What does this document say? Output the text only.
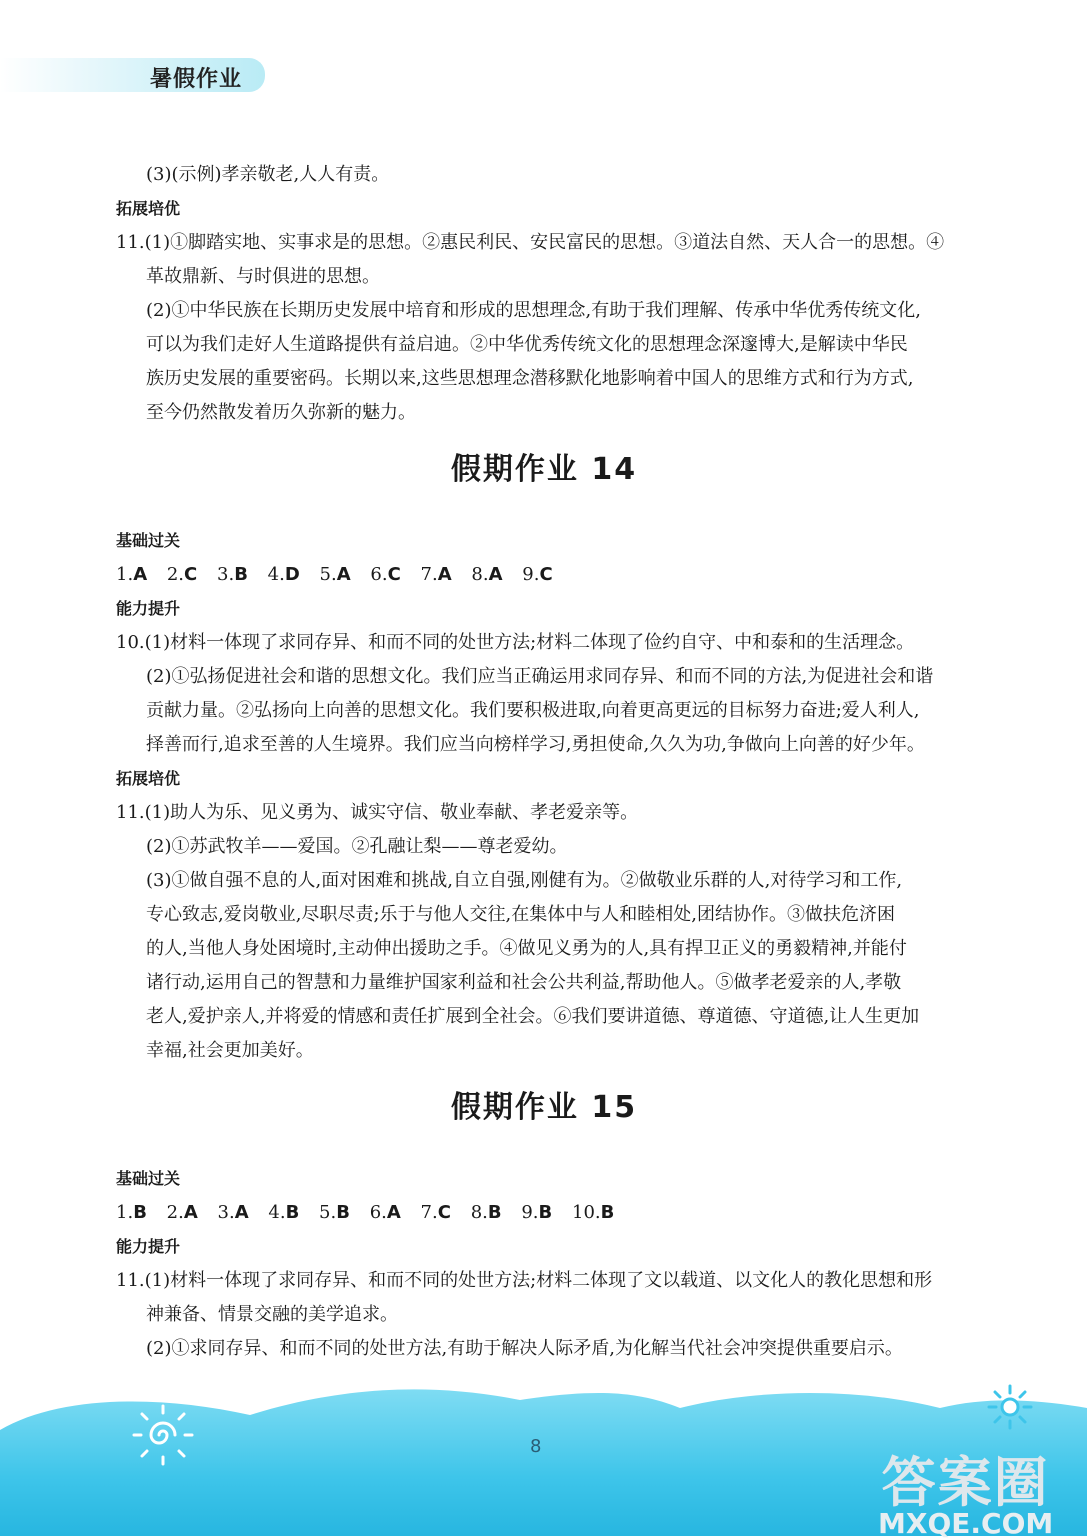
暑假作业

(3)(示例)孝亲敬老,人人有责。

拓展培优

11.(1)①脚踏实地、实事求是的思想。②惠民利民、安民富民的思想。③道法自然、天人合一的思想。④

革故鼎新、与时俱进的思想。

(2)①中华民族在长期历史发展中培育和形成的思想理念,有助于我们理解、传承中华优秀传统文化,

可以为我们走好人生道路提供有益启迪。②中华优秀传统文化的思想理念深邃博大,是解读中华民

族历史发展的重要密码。长期以来,这些思想理念潜移默化地影响着中国人的思维方式和行为方式,

至今仍然散发着历久弥新的魅力。

假期作业 14

基础过关

1.A 2.C 3.B 4.D 5.A 6.C 7.A 8.A 9.C

能力提升

10.(1)材料一体现了求同存异、和而不同的处世方法;材料二体现了俭约自守、中和泰和的生活理念。

(2)①弘扬促进社会和谐的思想文化。我们应当正确运用求同存异、和而不同的方法,为促进社会和谐

贡献力量。②弘扬向上向善的思想文化。我们要积极进取,向着更高更远的目标努力奋进;爱人利人,

择善而行,追求至善的人生境界。我们应当向榜样学习,勇担使命,久久为功,争做向上向善的好少年。

拓展培优

11.(1)助人为乐、见义勇为、诚实守信、敬业奉献、孝老爱亲等。

(2)①苏武牧羊——爱国。②孔融让梨——尊老爱幼。

(3)①做自强不息的人,面对困难和挑战,自立自强,刚健有为。②做敬业乐群的人,对待学习和工作,

专心致志,爱岗敬业,尽职尽责;乐于与他人交往,在集体中与人和睦相处,团结协作。③做扶危济困

的人,当他人身处困境时,主动伸出援助之手。④做见义勇为的人,具有捍卫正义的勇毅精神,并能付

诸行动,运用自己的智慧和力量维护国家利益和社会公共利益,帮助他人。⑤做孝老爱亲的人,孝敬

老人,爱护亲人,并将爱的情感和责任扩展到全社会。⑥我们要讲道德、尊道德、守道德,让人生更加

幸福,社会更加美好。

假期作业 15

基础过关

1.B 2.A 3.A 4.B 5.B 6.A 7.C 8.B 9.B 10.B

能力提升

11.(1)材料一体现了求同存异、和而不同的处世方法;材料二体现了文以载道、以文化人的教化思想和形

神兼备、情景交融的美学追求。

(2)①求同存异、和而不同的处世方法,有助于解决人际矛盾,为化解当代社会冲突提供重要启示。

8
答案圈
MXQE.COM
